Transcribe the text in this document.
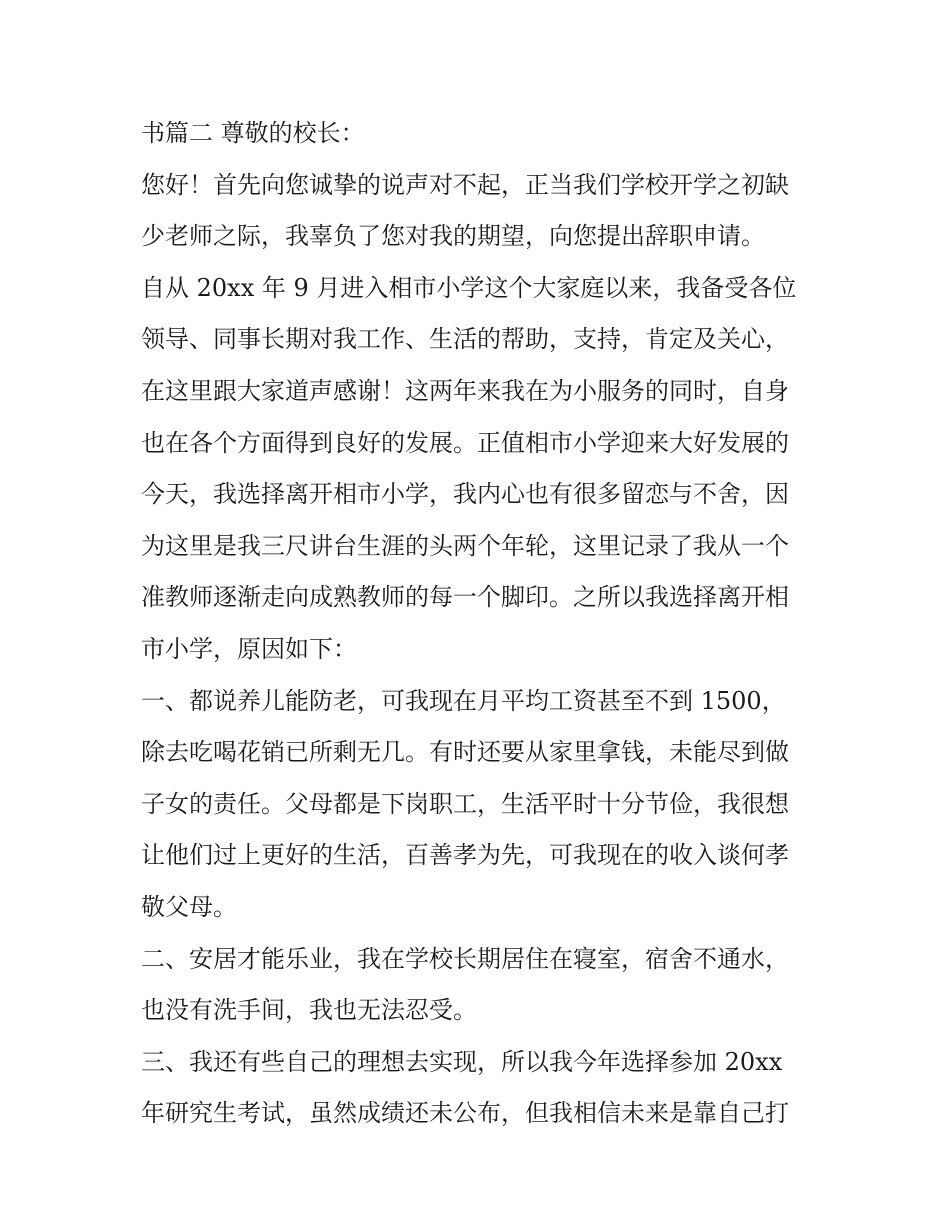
书篇二 尊敬的校长：
您好！首先向您诚挚的说声对不起，正当我们学校开学之初缺
少老师之际，我辜负了您对我的期望，向您提出辞职申请。
自从 20xx 年 9 月进入相市小学这个大家庭以来，我备受各位
领导、同事长期对我工作、生活的帮助，支持，肯定及关心，
在这里跟大家道声感谢！这两年来我在为小服务的同时，自身
也在各个方面得到良好的发展。正值相市小学迎来大好发展的
今天，我选择离开相市小学，我内心也有很多留恋与不舍，因
为这里是我三尺讲台生涯的头两个年轮，这里记录了我从一个
准教师逐渐走向成熟教师的每一个脚印。之所以我选择离开相
市小学，原因如下：
一、都说养儿能防老，可我现在月平均工资甚至不到 1500，
除去吃喝花销已所剩无几。有时还要从家里拿钱，未能尽到做
子女的责任。父母都是下岗职工，生活平时十分节俭，我很想
让他们过上更好的生活，百善孝为先，可我现在的收入谈何孝
敬父母。
二、安居才能乐业，我在学校长期居住在寝室，宿舍不通水，
也没有洗手间，我也无法忍受。
三、我还有些自己的理想去实现，所以我今年选择参加 20xx
年研究生考试，虽然成绩还未公布，但我相信未来是靠自己打
